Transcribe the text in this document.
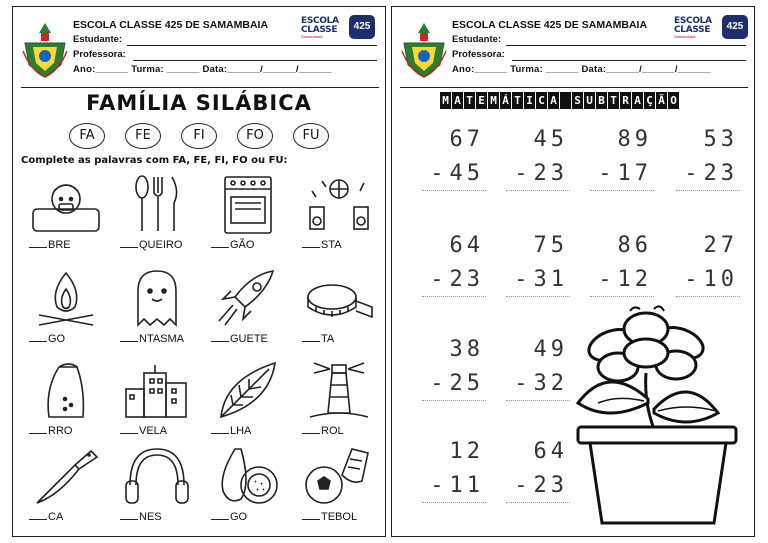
ESCOLA CLASSE 425 DE SAMAMBAIA
Estudante:
Professora:
Ano:______ Turma: ______ Data:______/______/______
ESCOLA
CLASSE
Samambaia
425
FAMÍLIA SILÁBICA
FA	FE	FI	FO	FU
Complete as palavras com FA, FE, FI, FO ou FU:
BRE	QUEIRO	GÃO	STA
GO	NTASMA	GUETE	TA
RRO	VELA	LHA	ROL
CA	NES	GO	TEBOL
ESCOLA CLASSE 425 DE SAMAMBAIA
Estudante:
Professora:
Ano:______ Turma: ______ Data:______/______/______
ESCOLA
CLASSE
Samambaia
425
M A T E M Á T I C A S U B T R A Ç Ã O
67
-45
45
-23
89
-17
53
-23
64
-23
75
-31
86
-12
27
-10
38
-25
49
-32
12
-11
64
-23
